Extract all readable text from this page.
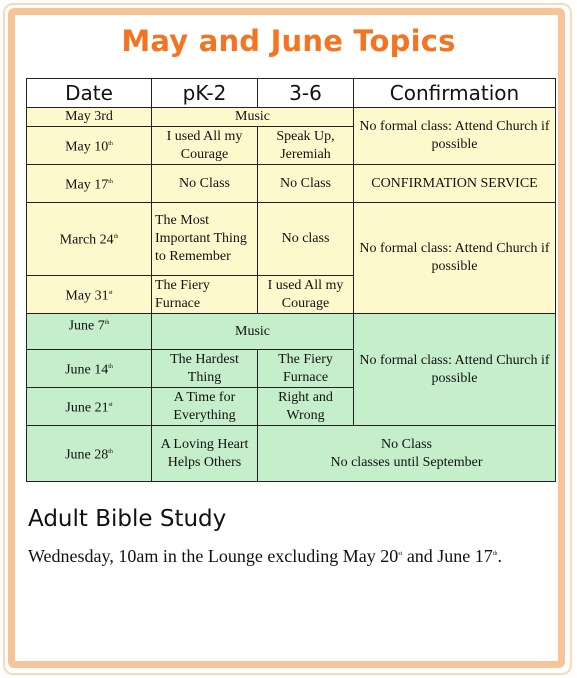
May and June Topics
Date	pK-2	3-6	Confirmation
May 3rd	Music		No formal class: Attend Church if possible
May 10th	I used All my Courage	Speak Up, Jeremiah	
May 17th	No Class	No Class	CONFIRMATION SERVICE
March 24th	The Most Important Thing to Remember	No class	No formal class: Attend Church if possible
May 31st	The Fiery Furnace	I used All my Courage	
June 7th	Music		No formal class: Attend Church if possible
June 14th	The Hardest Thing	The Fiery Furnace	
June 21st	A Time for Everything	Right and Wrong	
June 28th	A Loving Heart Helps Others	No Class
No classes until September	
Adult Bible Study
Wednesday, 10am in the Lounge excluding May 20st and June 17th.
